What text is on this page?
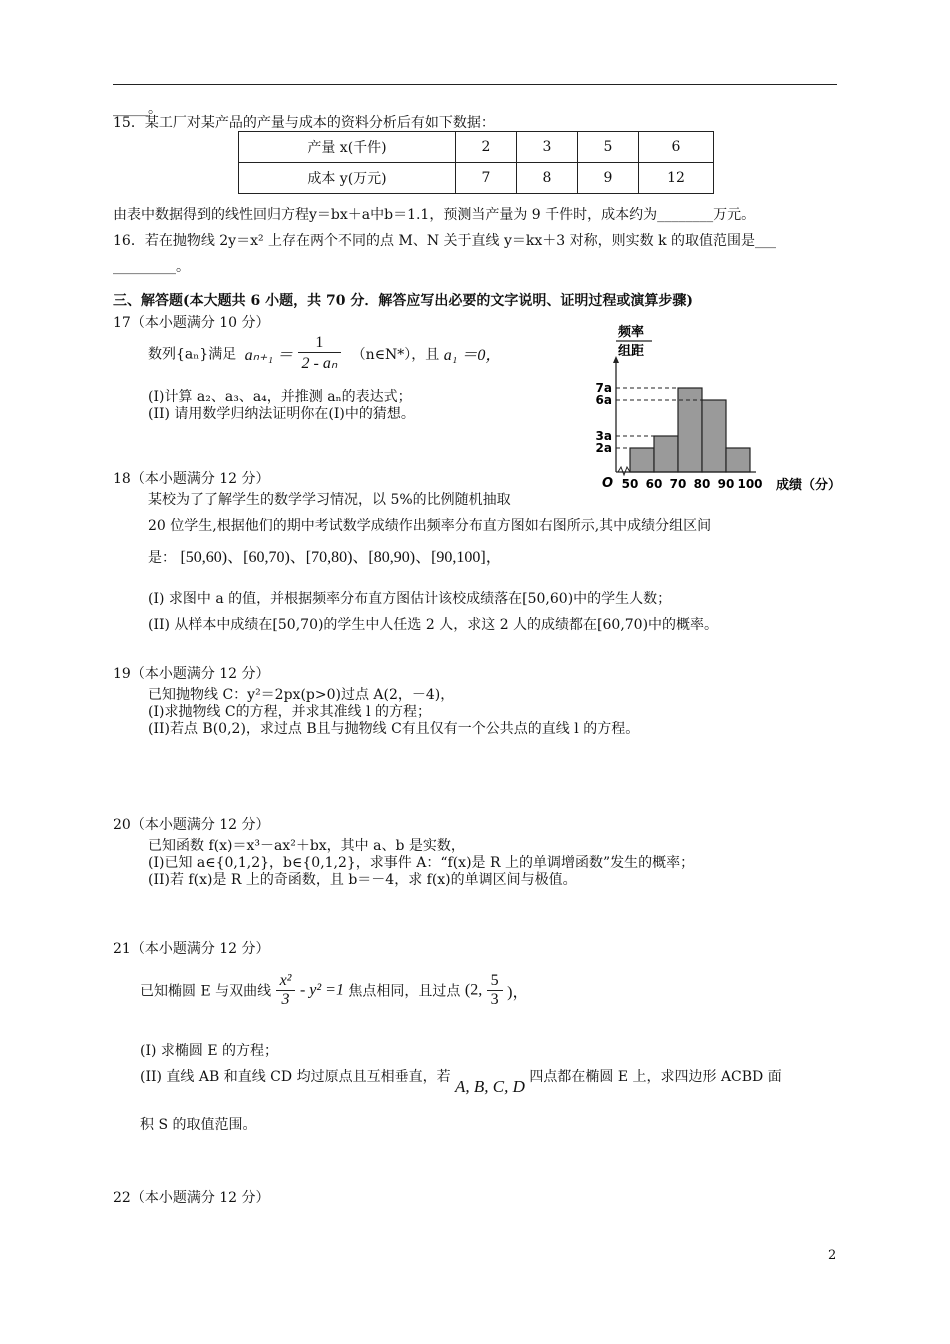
_____。
15．某工厂对某产品的产量与成本的资料分析后有如下数据：
产量 x(千件)	2	3	5	6
成本 y(万元)	7	8	9	12
由表中数据得到的线性回归方程y＝bx＋a中b＝1.1，预测当产量为 9 千件时，成本约为________万元。
16．若在抛物线 2y＝x² 上存在两个不同的点 M、N 关于直线 y＝kx＋3 对称，则实数 k 的取值范围是___
_________。
三、解答题(本大题共 6 小题，共 70 分．解答应写出必要的文字说明、证明过程或演算步骤)
17（本小题满分 10 分）
数列{aₙ}满足 $a_{n+1} = \frac{1}{\text{2 - aₙ}}$ （n∈N*），且 a₁ ＝0，
(I)计算 a₂、a₃、a₄，并推测 aₙ的表达式；
(II) 请用数学归纳法证明你在(I)中的猜想。
频率
组距
2a
3a
6a
7a
O 50 60 70 80 90 100 成绩（分）
18（本小题满分 12 分）
某校为了了解学生的数学学习情况，以 5%的比例随机抽取
20 位学生,根据他们的期中考试数学成绩作出频率分布直方图如右图所示,其中成绩分组区间
是： [50,60)、[60,70)、[70,80)、[80,90)、[90,100]，
(I) 求图中 a 的值，并根据频率分布直方图估计该校成绩落在[50,60)中的学生人数；
(II) 从样本中成绩在[50,70)的学生中人任选 2 人，求这 2 人的成绩都在[60,70)中的概率。
19（本小题满分 12 分）
已知抛物线 C：y²＝2px(p>0)过点 A(2，－4)，
(I)求抛物线 C的方程，并求其准线 l 的方程；
(II)若点 B(0,2)，求过点 B且与抛物线 C有且仅有一个公共点的直线 l 的方程。
20（本小题满分 12 分）
已知函数 f(x)＝x³－ax²＋bx，其中 a、b 是实数，
(I)已知 a∈{0,1,2}，b∈{0,1,2}，求事件 A：“f(x)是 R 上的单调增函数”发生的概率；
(II)若 f(x)是 R 上的奇函数，且 b＝－4，求 f(x)的单调区间与极值。
21（本小题满分 12 分）
已知椭圆 E 与双曲线 $\frac{\text{x²}}{3} - y^2 =1$ 焦点相同，且过点 (2, $\frac{5}{3}$ )，
(I) 求椭圆 E 的方程；
(II) 直线 AB 和直线 CD 均过原点且互相垂直，若 A, B, C, D 四点都在椭圆 E 上，求四边形 ACBD 面
积 S 的取值范围。
22（本小题满分 12 分）
2
